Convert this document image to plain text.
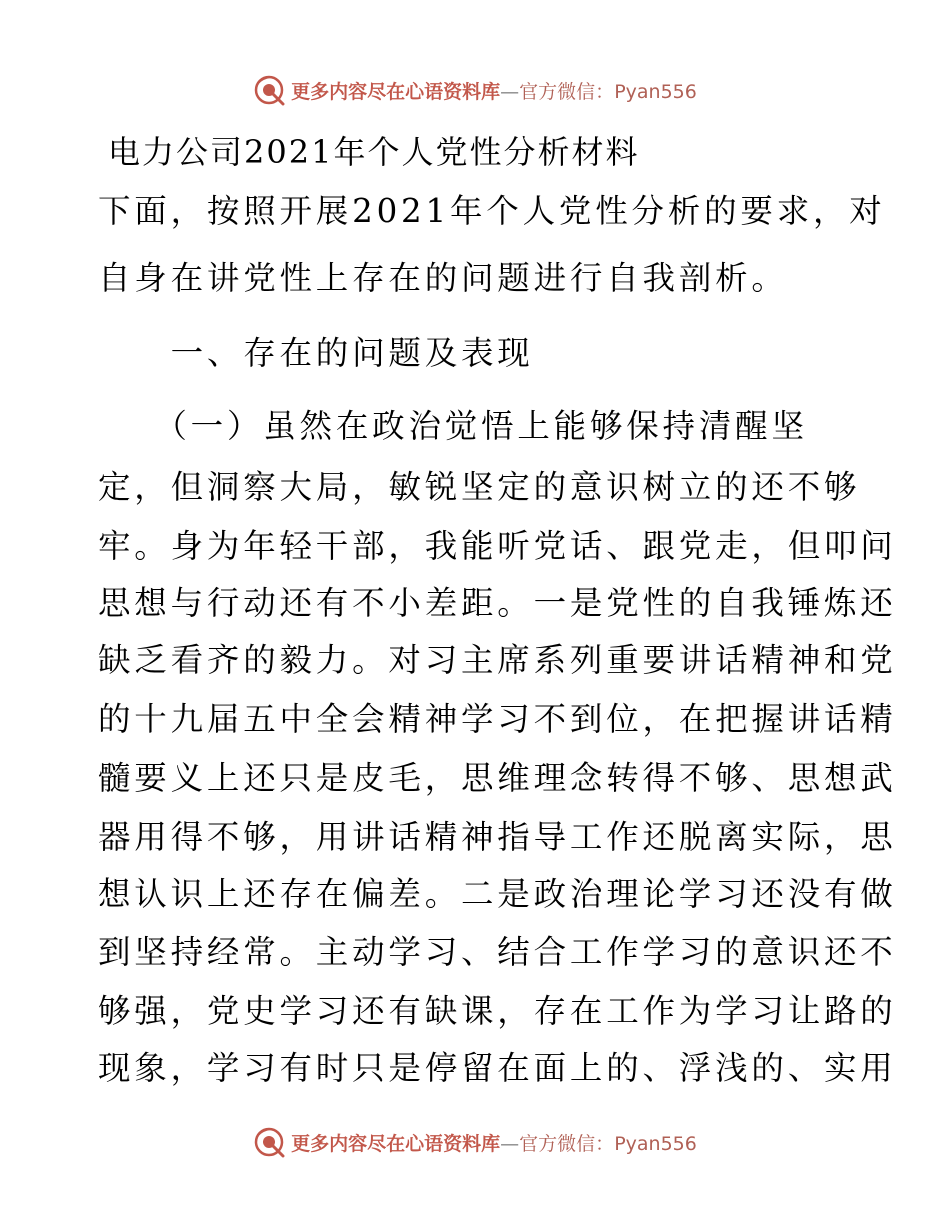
更多内容尽在心语资料库—官方微信：Pyan556
电力公司2021年个人党性分析材料
下面，按照开展2021年个人党性分析的要求，对
自身在讲党性上存在的问题进行自我剖析。
　　一、存在的问题及表现
　　（一）虽然在政治觉悟上能够保持清醒坚
定，但洞察大局，敏锐坚定的意识树立的还不够
牢。身为年轻干部，我能听党话、跟党走，但叩问
思想与行动还有不小差距。一是党性的自我锤炼还
缺乏看齐的毅力。对习主席系列重要讲话精神和党
的十九届五中全会精神学习不到位，在把握讲话精
髓要义上还只是皮毛，思维理念转得不够、思想武
器用得不够，用讲话精神指导工作还脱离实际，思
想认识上还存在偏差。二是政治理论学习还没有做
到坚持经常。主动学习、结合工作学习的意识还不
够强，党史学习还有缺课，存在工作为学习让路的
现象，学习有时只是停留在面上的、浮浅的、实用
更多内容尽在心语资料库—官方微信：Pyan556
